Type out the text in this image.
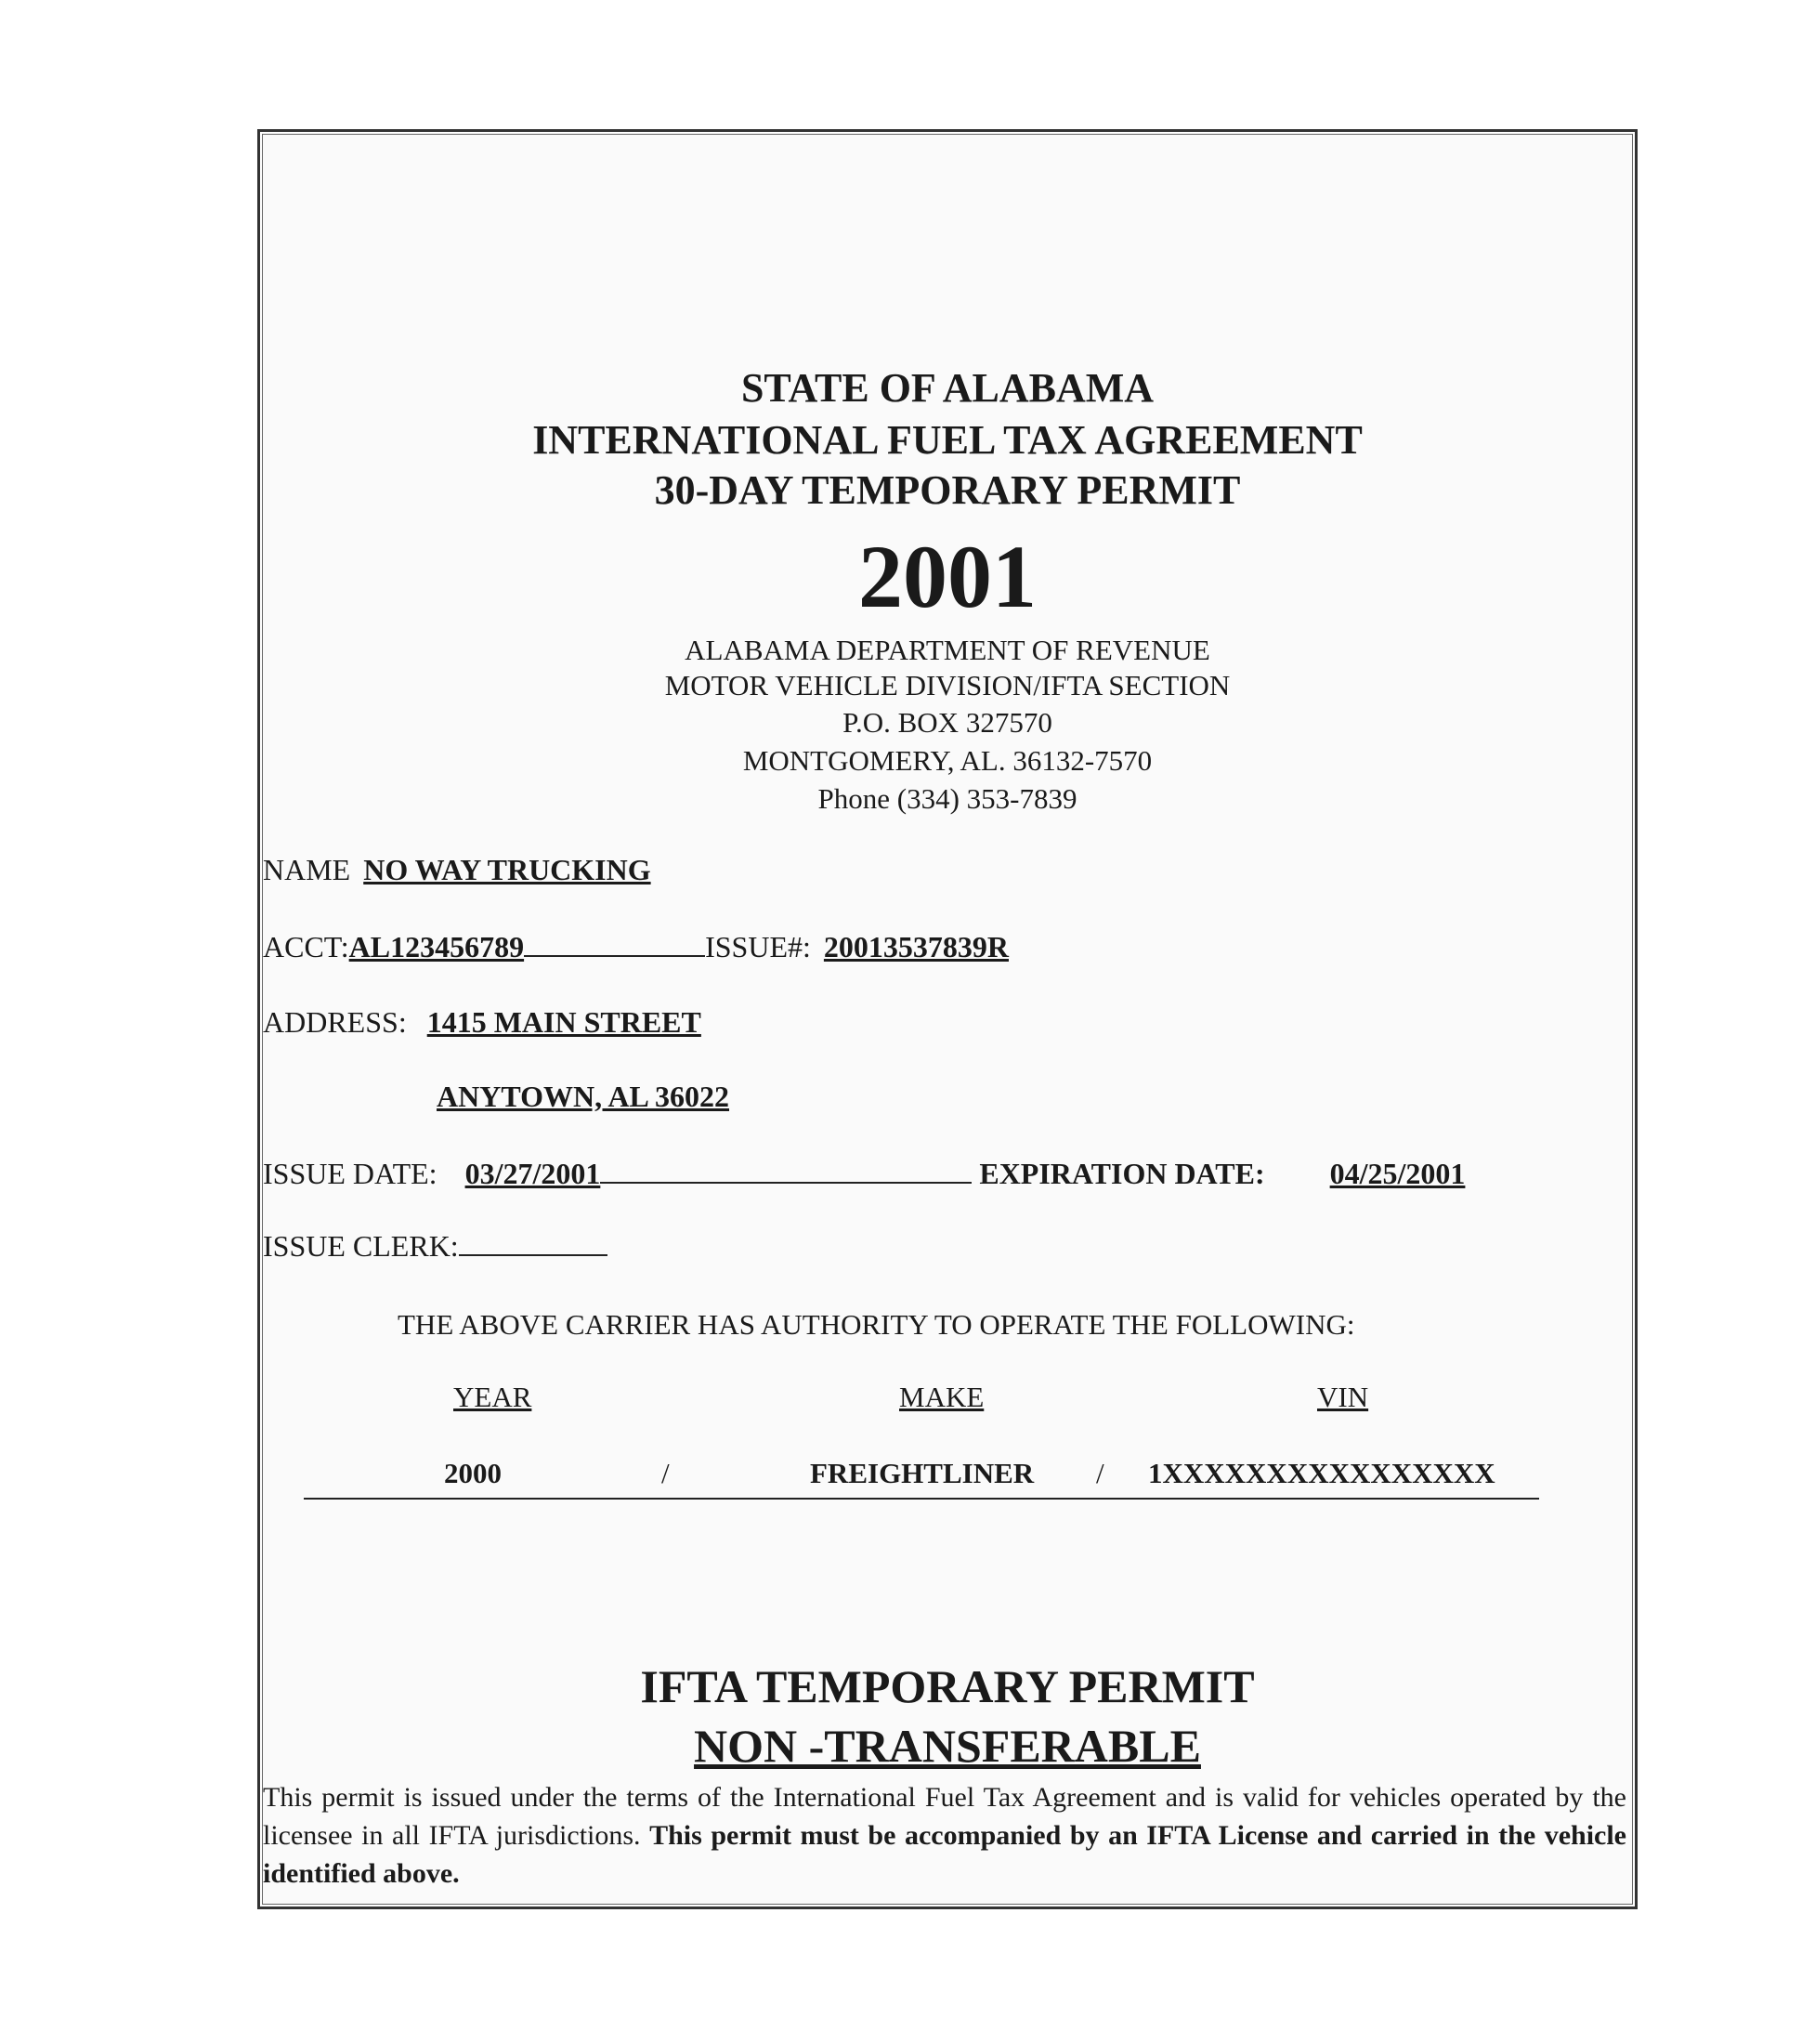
STATE OF ALABAMA
INTERNATIONAL FUEL TAX AGREEMENT
30-DAY TEMPORARY PERMIT
2001
ALABAMA DEPARTMENT OF REVENUE
MOTOR VEHICLE DIVISION/IFTA SECTION
P.O. BOX 327570
MONTGOMERY, AL. 36132-7570
Phone (334) 353-7839
NAME NO WAY TRUCKING
ACCT:AL123456789	ISSUE#: 20013537839R
ADDRESS: 1415 MAIN STREET
ANYTOWN, AL 36022
ISSUE DATE: 03/27/2001	EXPIRATION DATE: 04/25/2001
ISSUE CLERK:
THE ABOVE CARRIER HAS AUTHORITY TO OPERATE THE FOLLOWING:
YEAR	MAKE	VIN
2000	/	FREIGHTLINER / 1XXXXXXXXXXXXXXXX
IFTA TEMPORARY PERMIT
NON -TRANSFERABLE
This permit is issued under the terms of the International Fuel Tax Agreement and is valid for vehicles operated by the licensee in all IFTA jurisdictions. This permit must be accompanied by an IFTA License and carried in the vehicle identified above.
